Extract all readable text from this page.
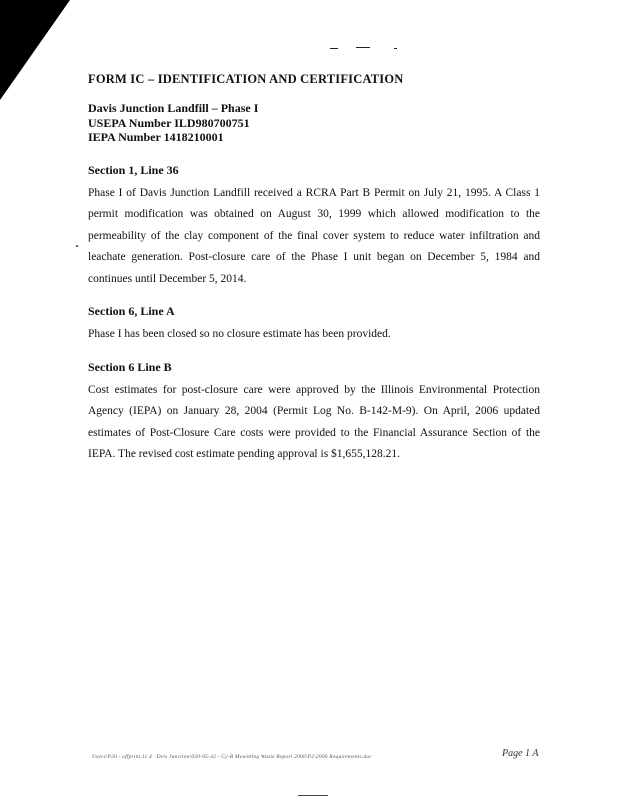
FORM IC – IDENTIFICATION AND CERTIFICATION
Davis Junction Landfill – Phase I
USEPA Number ILD980700751
IEPA Number 1418210001
Section 1, Line 36

Phase I of Davis Junction Landfill received a RCRA Part B Permit on July 21, 1995. A Class 1 permit modification was obtained on August 30, 1999 which allowed modification to the permeability of the clay component of the final cover system to reduce water infiltration and leachate generation. Post-closure care of the Phase I unit began on December 5, 1984 and continues until December 5, 2014.

Section 6, Line A

Phase I has been closed so no closure estimate has been provided.

Section 6 Line B

Cost estimates for post-closure care were approved by the Illinois Environmental Protection Agency (IEPA) on January 28, 2004 (Permit Log No. B-142-M-9). On April, 2006 updated estimates of Post-Closure Care costs were provided to the Financial Assurance Section of the IEPA. The revised cost estimate pending approval is $1,655,128.21.

Users\P20 - offprint.11.4 · Dvis Junction\020-05-32 - Cy-B Mowitting Waste Report 2006\P2\2006 Requirements.doc	Page 1 A
